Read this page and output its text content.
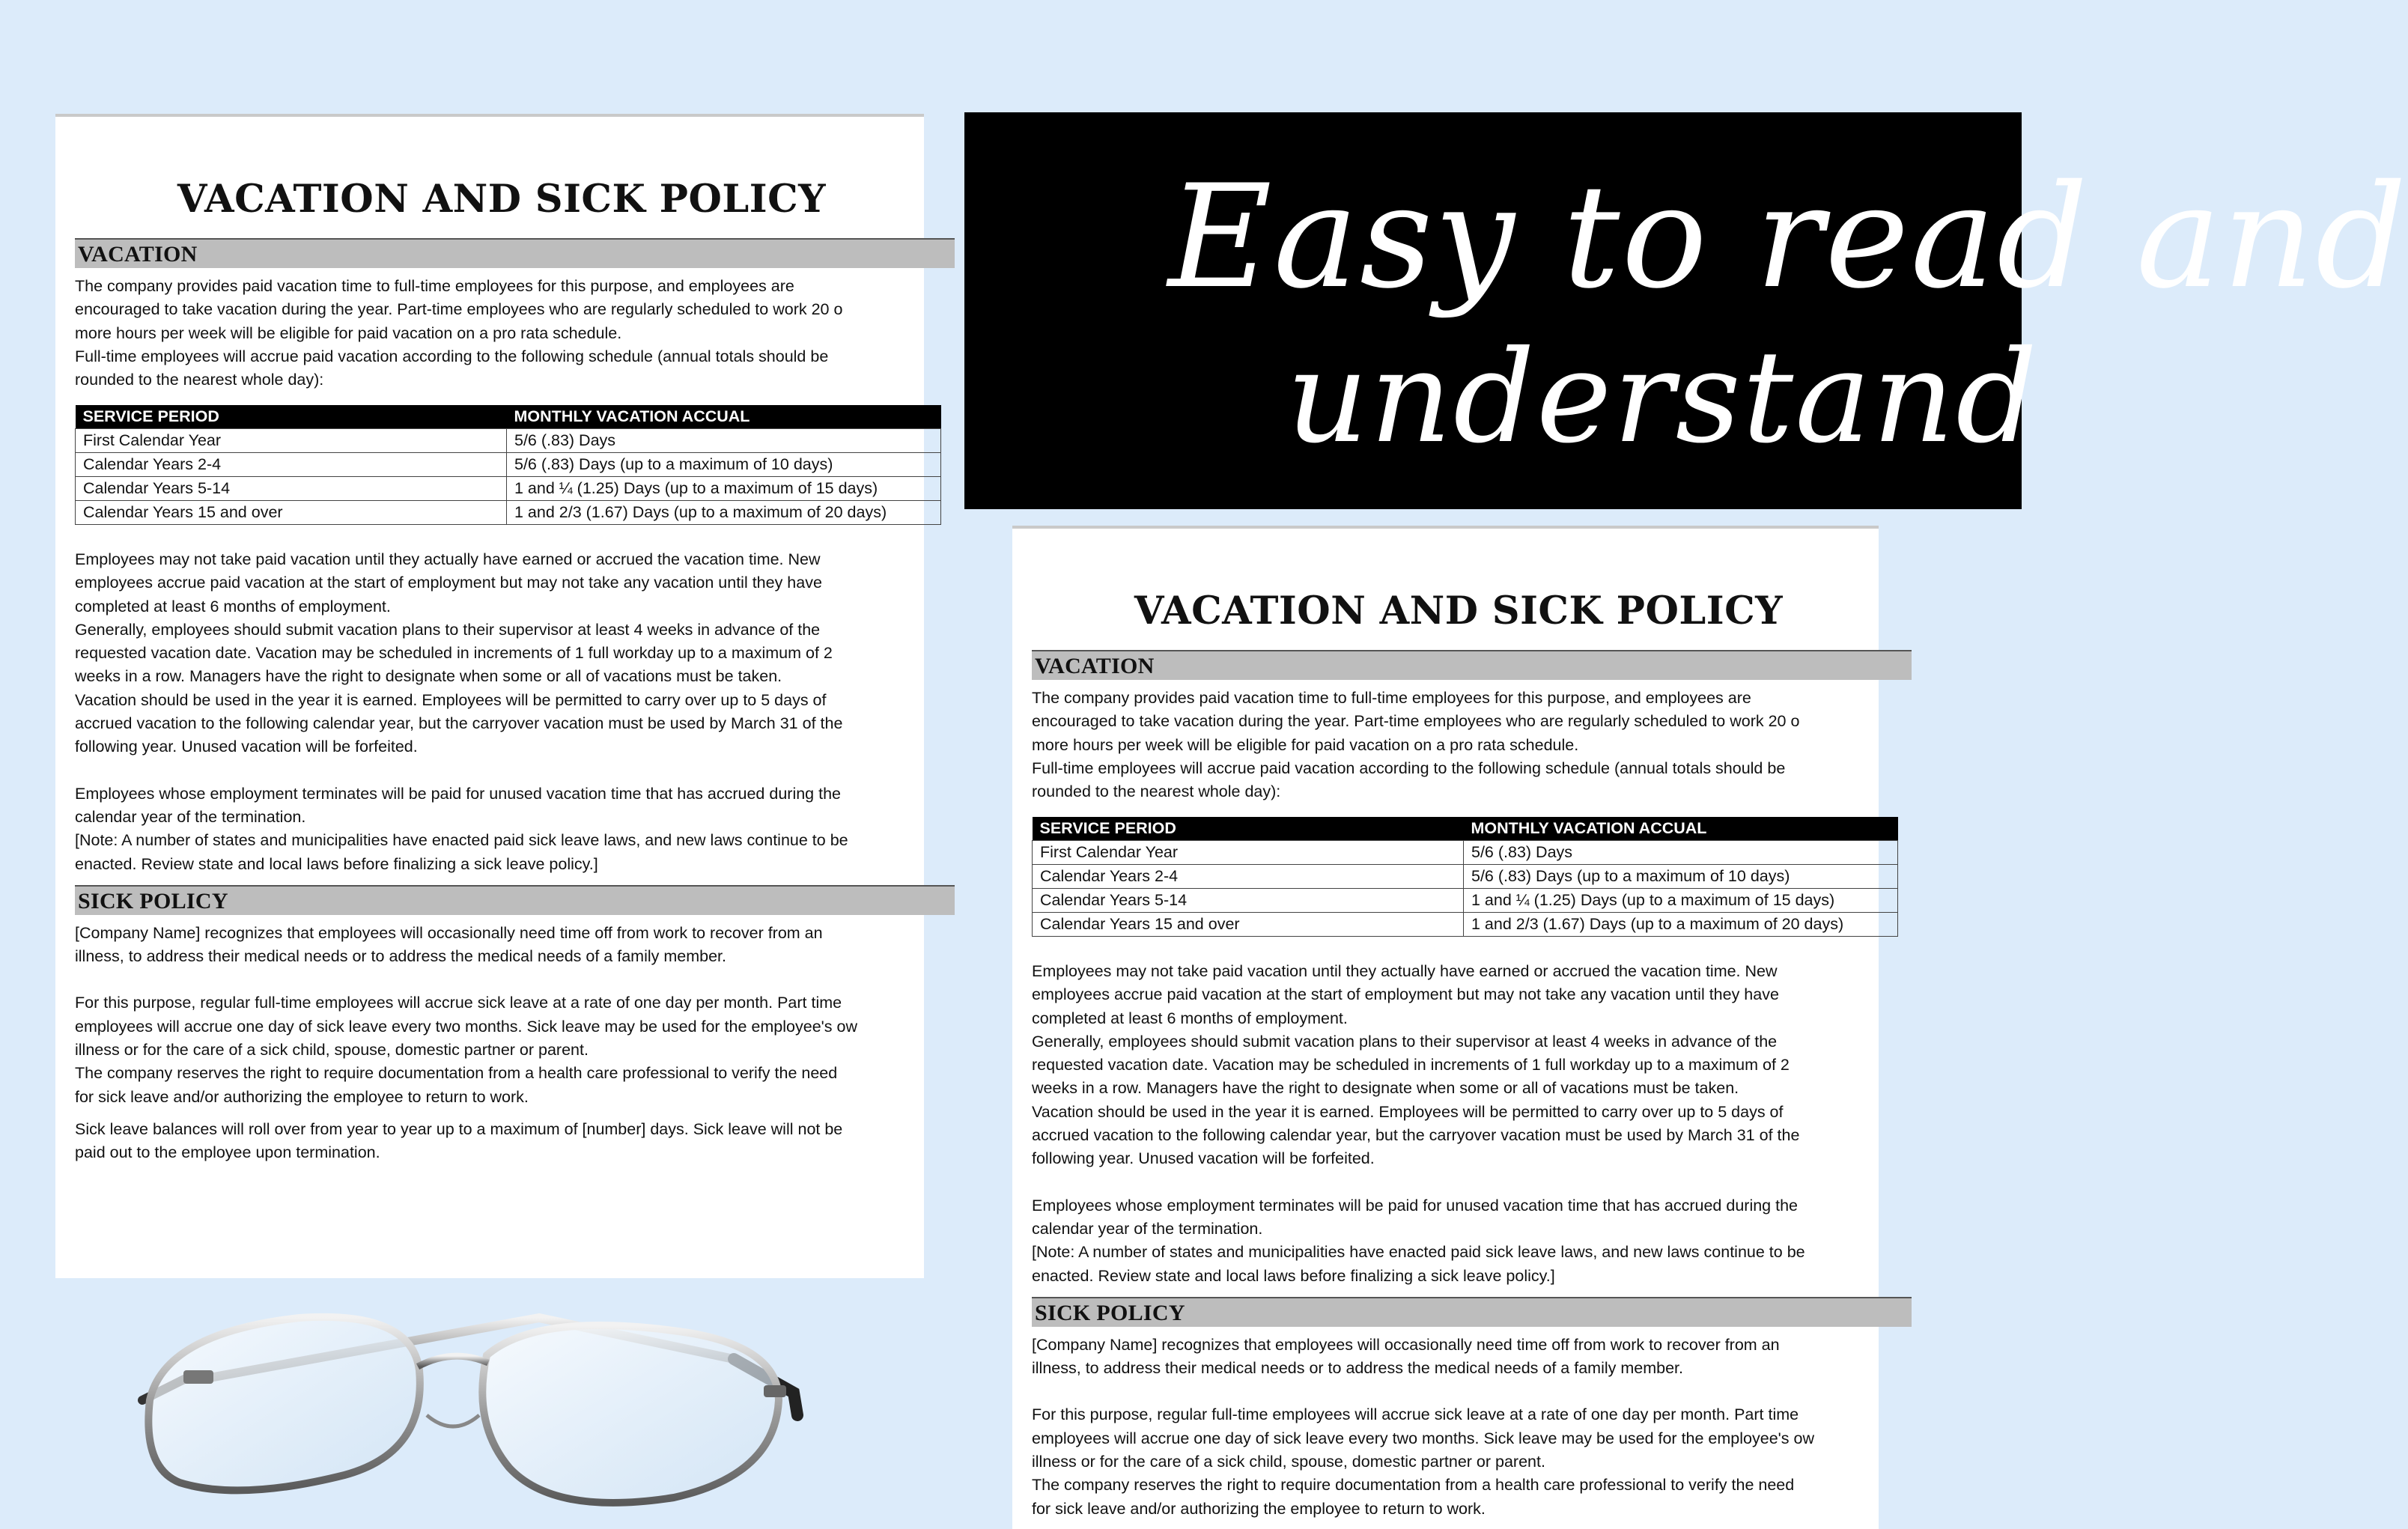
VACATION AND SICK POLICY
VACATION
The company provides paid vacation time to full-time employees for this purpose, and employees are
encouraged to take vacation during the year. Part-time employees who are regularly scheduled to work 20 o
more hours per week will be eligible for paid vacation on a pro rata schedule.
Full-time employees will accrue paid vacation according to the following schedule (annual totals should be
rounded to the nearest whole day):
SERVICE PERIOD	MONTHLY VACATION ACCUAL
First Calendar Year	5/6 (.83) Days
Calendar Years 2-4	5/6 (.83) Days (up to a maximum of 10 days)
Calendar Years 5-14	1 and ¼ (1.25) Days (up to a maximum of 15 days)
Calendar Years 15 and over	1 and 2/3 (1.67) Days (up to a maximum of 20 days)
Employees may not take paid vacation until they actually have earned or accrued the vacation time. New
employees accrue paid vacation at the start of employment but may not take any vacation until they have
completed at least 6 months of employment.
Generally, employees should submit vacation plans to their supervisor at least 4 weeks in advance of the
requested vacation date. Vacation may be scheduled in increments of 1 full workday up to a maximum of 2
weeks in a row. Managers have the right to designate when some or all of vacations must be taken.
Vacation should be used in the year it is earned. Employees will be permitted to carry over up to 5 days of
accrued vacation to the following calendar year, but the carryover vacation must be used by March 31 of the
following year. Unused vacation will be forfeited.
Employees whose employment terminates will be paid for unused vacation time that has accrued during the
calendar year of the termination.
[Note: A number of states and municipalities have enacted paid sick leave laws, and new laws continue to be
enacted. Review state and local laws before finalizing a sick leave policy.]
SICK POLICY
[Company Name] recognizes that employees will occasionally need time off from work to recover from an
illness, to address their medical needs or to address the medical needs of a family member.
For this purpose, regular full-time employees will accrue sick leave at a rate of one day per month. Part time
employees will accrue one day of sick leave every two months. Sick leave may be used for the employee's ow
illness or for the care of a sick child, spouse, domestic partner or parent.
The company reserves the right to require documentation from a health care professional to verify the need
for sick leave and/or authorizing the employee to return to work.
Sick leave balances will roll over from year to year up to a maximum of [number] days. Sick leave will not be
paid out to the employee upon termination.
VACATION AND SICK POLICY
VACATION
The company provides paid vacation time to full-time employees for this purpose, and employees are
encouraged to take vacation during the year. Part-time employees who are regularly scheduled to work 20 o
more hours per week will be eligible for paid vacation on a pro rata schedule.
Full-time employees will accrue paid vacation according to the following schedule (annual totals should be
rounded to the nearest whole day):
SERVICE PERIOD	MONTHLY VACATION ACCUAL
First Calendar Year	5/6 (.83) Days
Calendar Years 2-4	5/6 (.83) Days (up to a maximum of 10 days)
Calendar Years 5-14	1 and ¼ (1.25) Days (up to a maximum of 15 days)
Calendar Years 15 and over	1 and 2/3 (1.67) Days (up to a maximum of 20 days)
Employees may not take paid vacation until they actually have earned or accrued the vacation time. New
employees accrue paid vacation at the start of employment but may not take any vacation until they have
completed at least 6 months of employment.
Generally, employees should submit vacation plans to their supervisor at least 4 weeks in advance of the
requested vacation date. Vacation may be scheduled in increments of 1 full workday up to a maximum of 2
weeks in a row. Managers have the right to designate when some or all of vacations must be taken.
Vacation should be used in the year it is earned. Employees will be permitted to carry over up to 5 days of
accrued vacation to the following calendar year, but the carryover vacation must be used by March 31 of the
following year. Unused vacation will be forfeited.
Employees whose employment terminates will be paid for unused vacation time that has accrued during the
calendar year of the termination.
[Note: A number of states and municipalities have enacted paid sick leave laws, and new laws continue to be
enacted. Review state and local laws before finalizing a sick leave policy.]
SICK POLICY
[Company Name] recognizes that employees will occasionally need time off from work to recover from an
illness, to address their medical needs or to address the medical needs of a family member.
For this purpose, regular full-time employees will accrue sick leave at a rate of one day per month. Part time
employees will accrue one day of sick leave every two months. Sick leave may be used for the employee's ow
illness or for the care of a sick child, spouse, domestic partner or parent.
The company reserves the right to require documentation from a health care professional to verify the need
for sick leave and/or authorizing the employee to return to work.
Easy to read and
understand
